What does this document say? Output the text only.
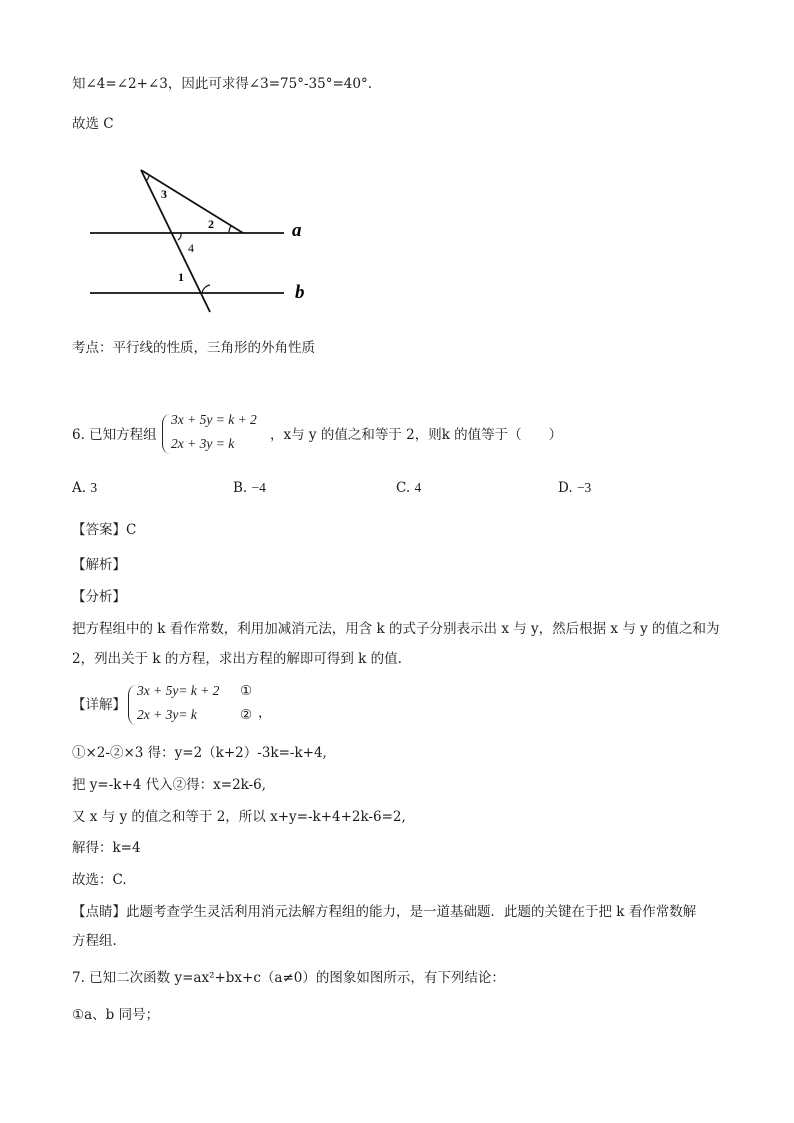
知∠4=∠2+∠3，因此可求得∠3=75°-35°=40°.
故选 C
3
2
4
1
a
b
考点：平行线的性质，三角形的外角性质
6. 已知方程组
3x + 5y = k + 2
2x + 3y = k
，x与 y 的值之和等于 2，则k 的值等于（　　）
A. 3	B. −4	C. 4	D. −3
【答案】C
【解析】
【分析】
把方程组中的 k 看作常数，利用加减消元法，用含 k 的式子分别表示出 x 与 y，然后根据 x 与 y 的值之和为
2，列出关于 k 的方程，求出方程的解即可得到 k 的值.
【详解】
3x + 5y= k + 2 ①
2x + 3y= k	② ，
①×2-②×3 得：y=2（k+2）-3k=-k+4,
把 y=-k+4 代入②得：x=2k-6,
又 x 与 y 的值之和等于 2，所以 x+y=-k+4+2k-6=2,
解得：k=4
故选：C.
【点睛】此题考查学生灵活利用消元法解方程组的能力，是一道基础题．此题的关键在于把 k 看作常数解
方程组.
7. 已知二次函数 y=ax²+bx+c（a≠0）的图象如图所示，有下列结论：
①a、b 同号；
